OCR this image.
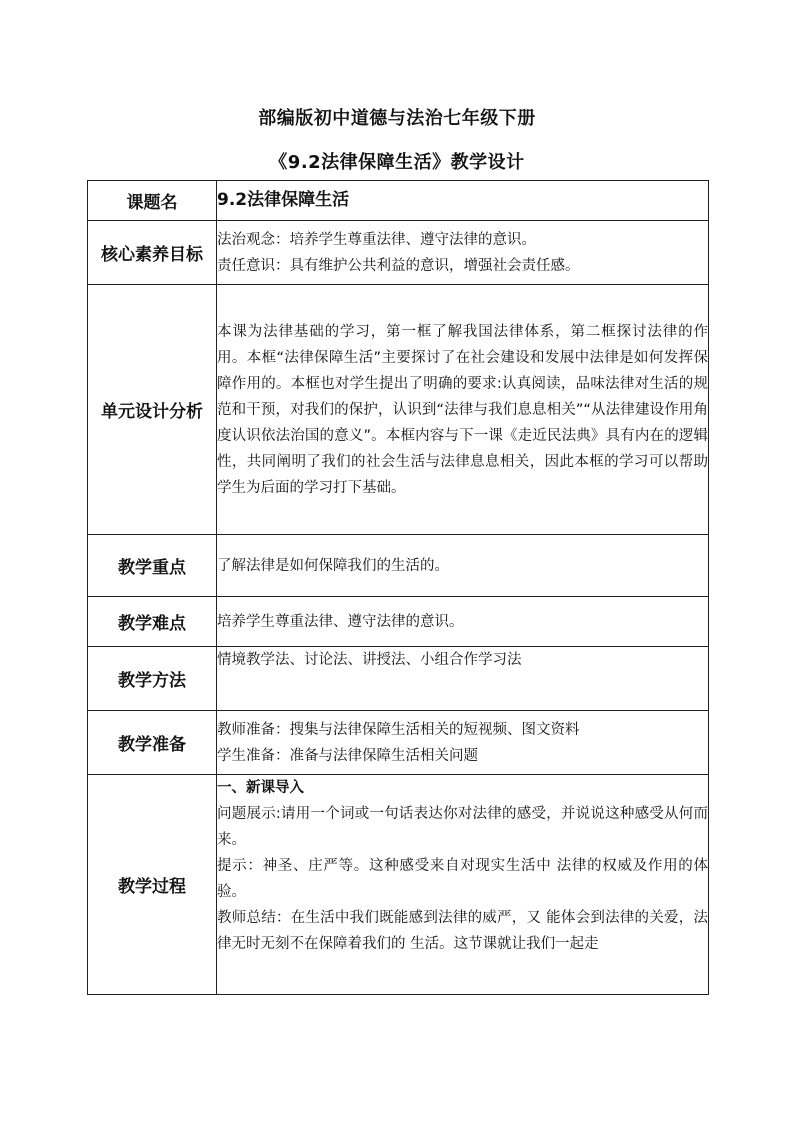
部编版初中道德与法治七年级下册
《9.2法律保障生活》教学设计
课题名	9.2法律保障生活
核心素养目标	法治观念：培养学生尊重法律、遵守法律的意识。
责任意识：具有维护公共利益的意识，增强社会责任感。

单元设计分析	本课为法律基础的学习，第一框了解我国法律体系，第二框探讨法律的作用。本框“法律保障生活”主要探讨了在社会建设和发展中法律是如何发挥保障作用的。本框也对学生提出了明确的要求:认真阅读，品味法律对生活的规范和干预，对我们的保护，认识到“法律与我们息息相关”“从法律建设作用角度认识依法治国的意义”。本框内容与下一课《走近民法典》具有内在的逻辑性，共同阐明了我们的社会生活与法律息息相关，因此本框的学习可以帮助学生为后面的学习打下基础。

教学重点	了解法律是如何保障我们的生活的。
教学难点	培养学生尊重法律、遵守法律的意识。
教学方法	情境教学法、讨论法、讲授法、小组合作学习法
教学准备	教师准备：搜集与法律保障生活相关的短视频、图文资料
学生准备：准备与法律保障生活相关问题

教学过程	一、新课导入
问题展示:请用一个词或一句话表达你对法律的感受，并说说这种感受从何而来。
提示：神圣、庄严等。这种感受来自对现实生活中 法律的权威及作用的体验。
教师总结：在生活中我们既能感到法律的威严，又 能体会到法律的关爱，法律无时无刻不在保障着我们的 生活。这节课就让我们一起走
